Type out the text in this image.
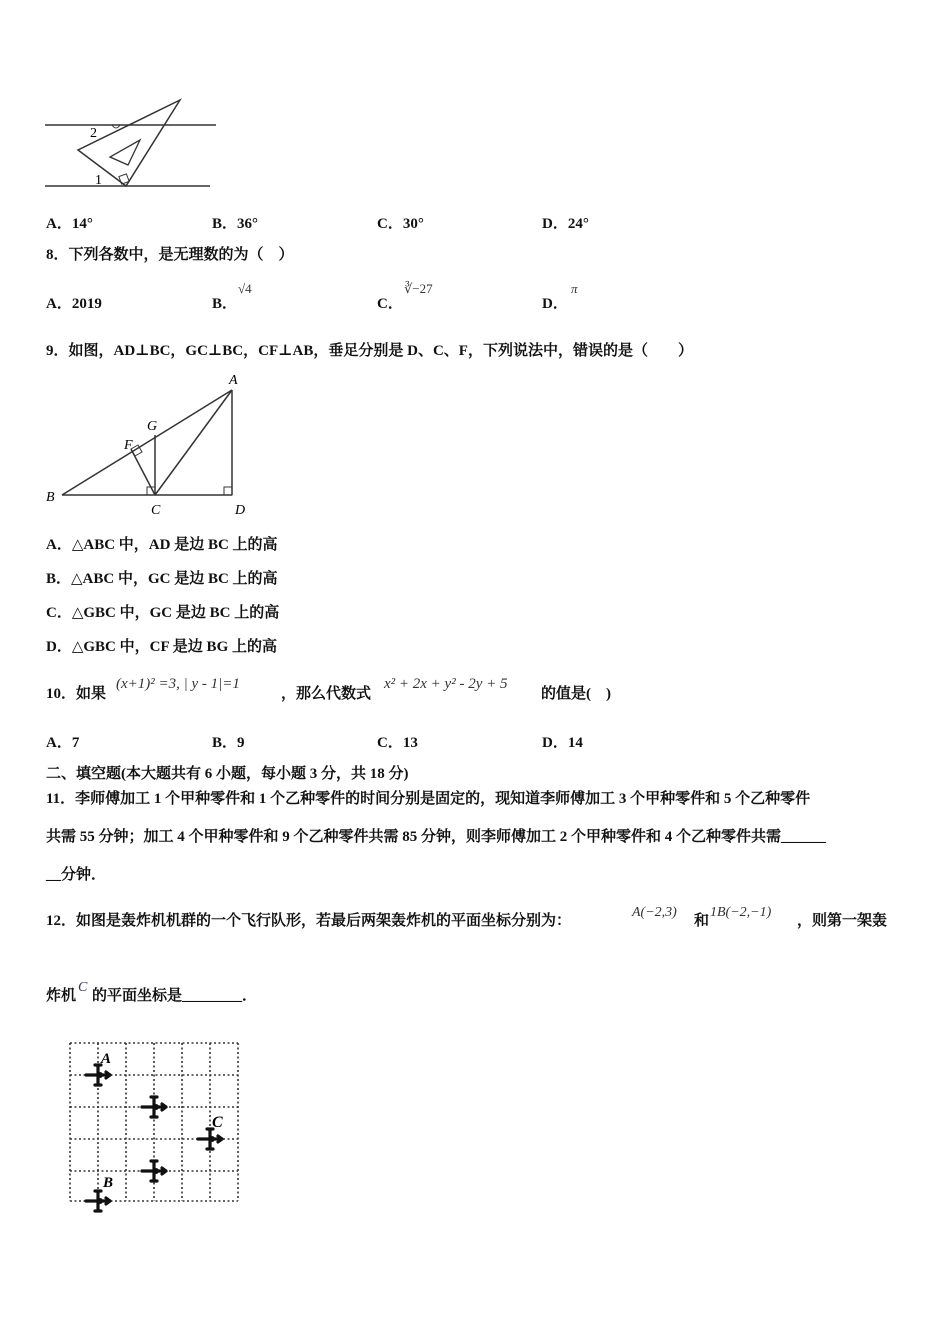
2
1
A．14°	B．36°	C．30°	D．24°
8．下列各数中，是无理数的为（　）
A．2019	B．
√4
C．
∛−27
D．
π
9．如图，AD⊥BC，GC⊥BC，CF⊥AB，垂足分别是 D、C、F，下列说法中，错误的是（　　）
A
B
C	D
F
G
A．△ABC 中，AD 是边 BC 上的高
B．△ABC 中，GC 是边 BC 上的高
C．△GBC 中，GC 是边 BC 上的高
D．△GBC 中，CF 是边 BG 上的高
10．如果
(x+1)² =3, | y - 1|=1
，那么代数式
x² + 2x + y² - 2y + 5
的值是(　)
A．7	B．9	C．13	D．14
二、填空题(本大题共有 6 小题，每小题 3 分，共 18 分)
11．李师傅加工 1 个甲种零件和 1 个乙种零件的时间分别是固定的，现知道李师傅加工 3 个甲种零件和 5 个乙种零件
共需 55 分钟；加工 4 个甲种零件和 9 个乙种零件共需 85 分钟，则李师傅加工 2 个甲种零件和 4 个乙种零件共需______
__分钟．
12．如图是轰炸机机群的一个飞行队形，若最后两架轰炸机的平面坐标分别为：
A(−2,3)
和
1B(−2,−1)
，则第一架轰
炸机
C
的平面坐标是________．
A
C
B
